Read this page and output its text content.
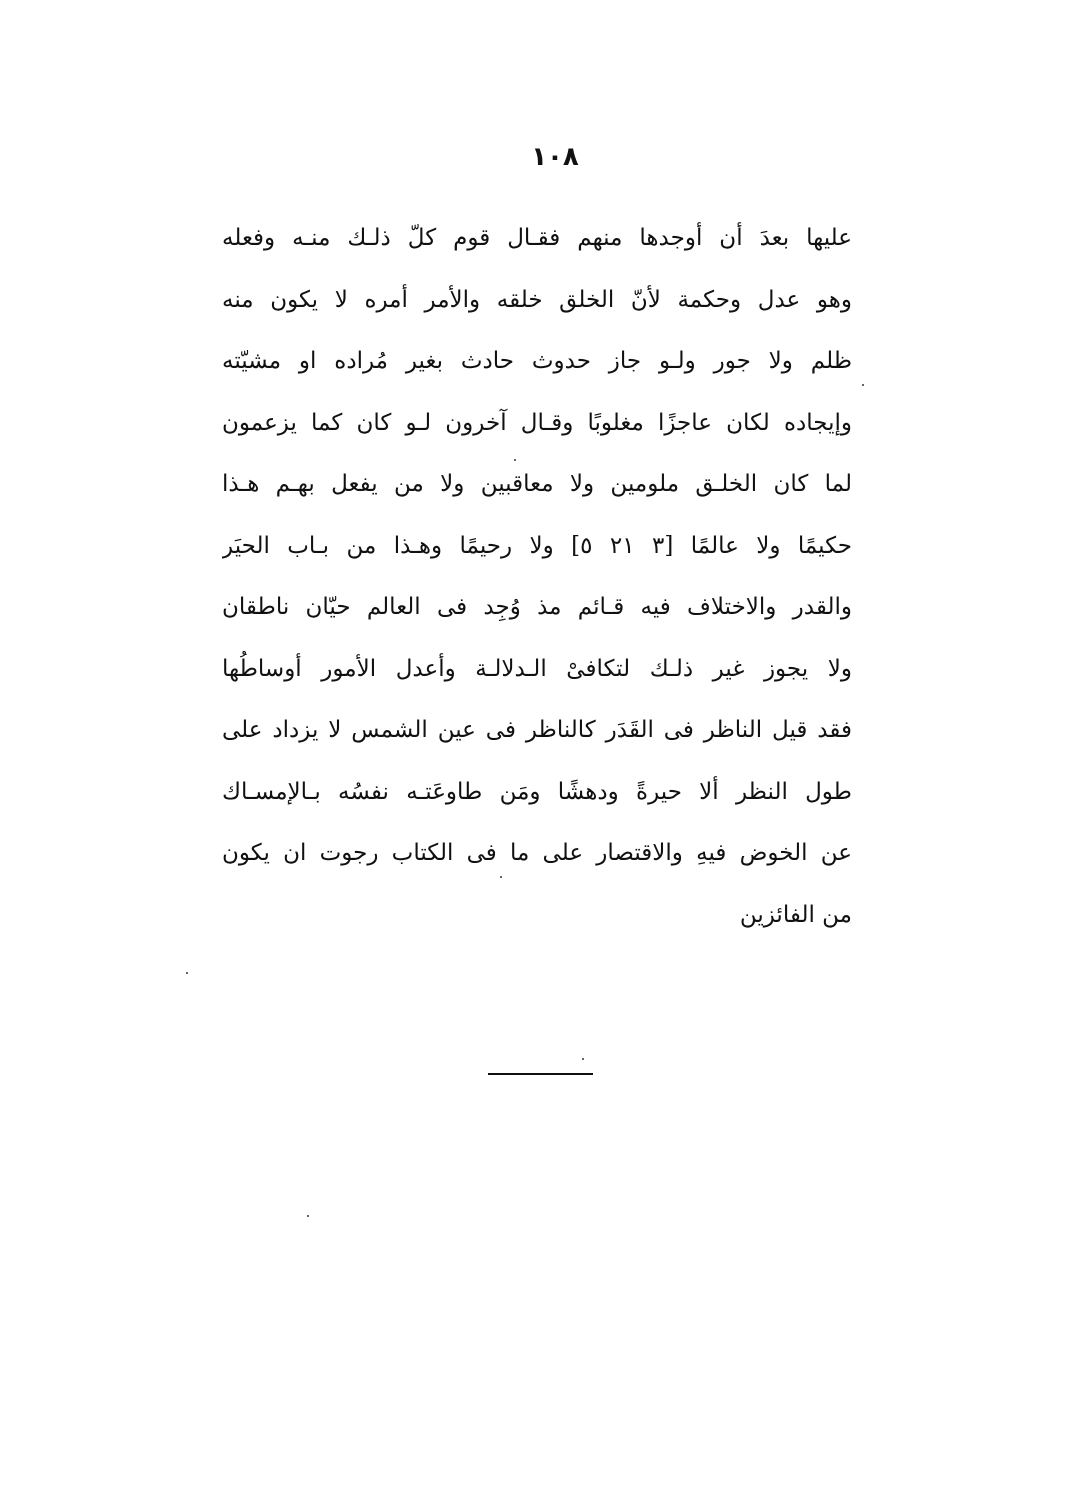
١٠٨
عليها بعدَ أن أوجدها منهم فقـال قوم كلّ ذلـك منـه وفعله
وهو عدل وحكمة لأنّ الخلق خلقه والأمر أمره لا يكون منه
ظلم ولا جور ولـو جاز حدوث حادث بغير مُراده او مشيّته
وإيجاده لكان عاجزًا مغلوبًا وقـال آخرون لـو كان كما يزعمون
لما كان الخلـق ملومين ولا معاقبين ولا من يفعل بهـم هـذا
حكيمًا ولا عالمًا [‏٣ ٢١ ٥] ولا رحيمًا وهـذا من بـاب الحيَر
والقدر والاختلاف فيه قـائم مذ وُجِد فى العالم حيّان ناطقان
ولا يجوز غير ذلـك لتكافىْ الـدلالـة وأعدل الأمور أوساطُها
فقد قيل الناظر فى القَدَر كالناظر فى عين الشمس لا يزداد على
طول النظر ألا حيرةً ودهشًا ومَن طاوعَتـه نفسُه بـالإمسـاك
عن الخوض فيهِ والاقتصار على ما فى الكتاب رجوت ان يكون
من الفائزين
